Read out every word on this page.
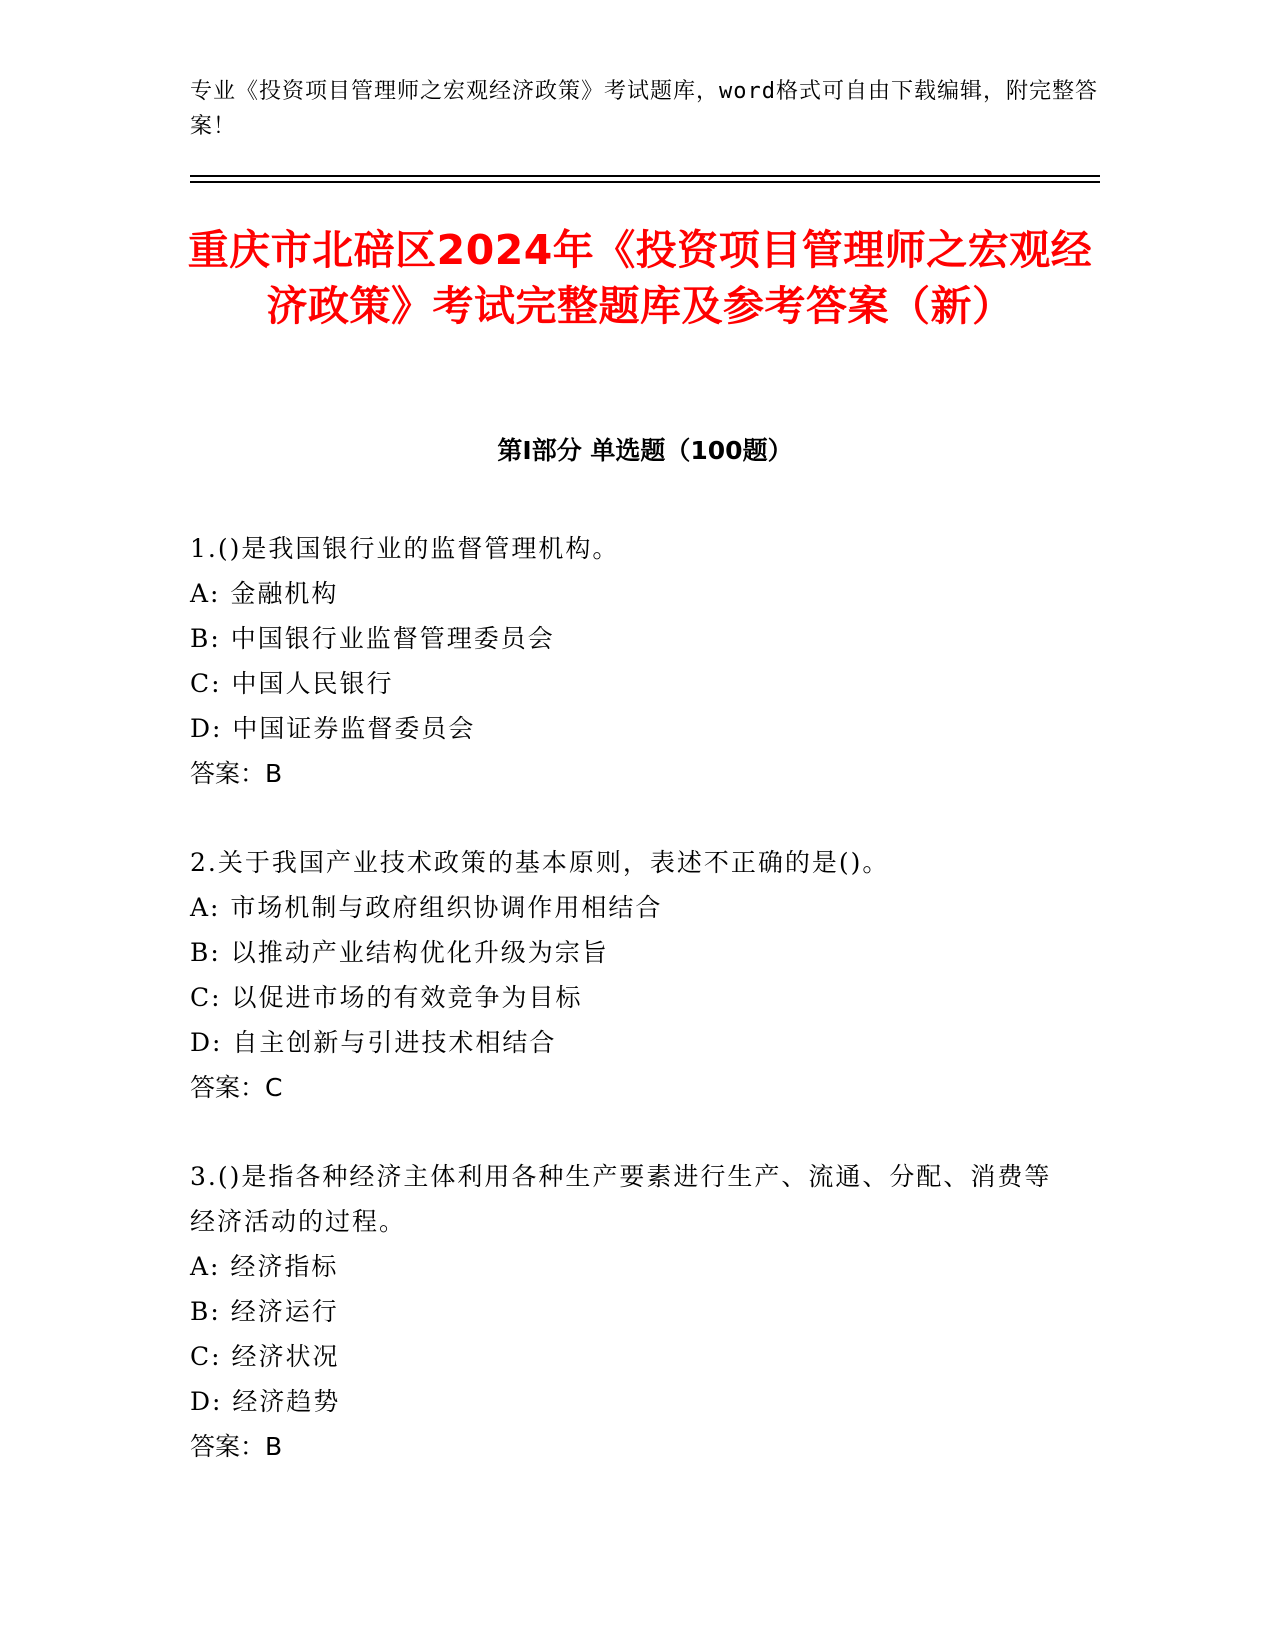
专业《投资项目管理师之宏观经济政策》考试题库，word格式可自由下载编辑，附完整答案！
重庆市北碚区2024年《投资项目管理师之宏观经济政策》考试完整题库及参考答案（新）
第I部分 单选题（100题）

1.()是我国银行业的监督管理机构。

A: 金融机构

B: 中国银行业监督管理委员会

C: 中国人民银行

D: 中国证券监督委员会

答案：B

2.关于我国产业技术政策的基本原则，表述不正确的是()。

A: 市场机制与政府组织协调作用相结合

B: 以推动产业结构优化升级为宗旨

C: 以促进市场的有效竞争为目标

D: 自主创新与引进技术相结合

答案：C

3.()是指各种经济主体利用各种生产要素进行生产、流通、分配、消费等经济活动的过程。

A: 经济指标

B: 经济运行

C: 经济状况

D: 经济趋势

答案：B
